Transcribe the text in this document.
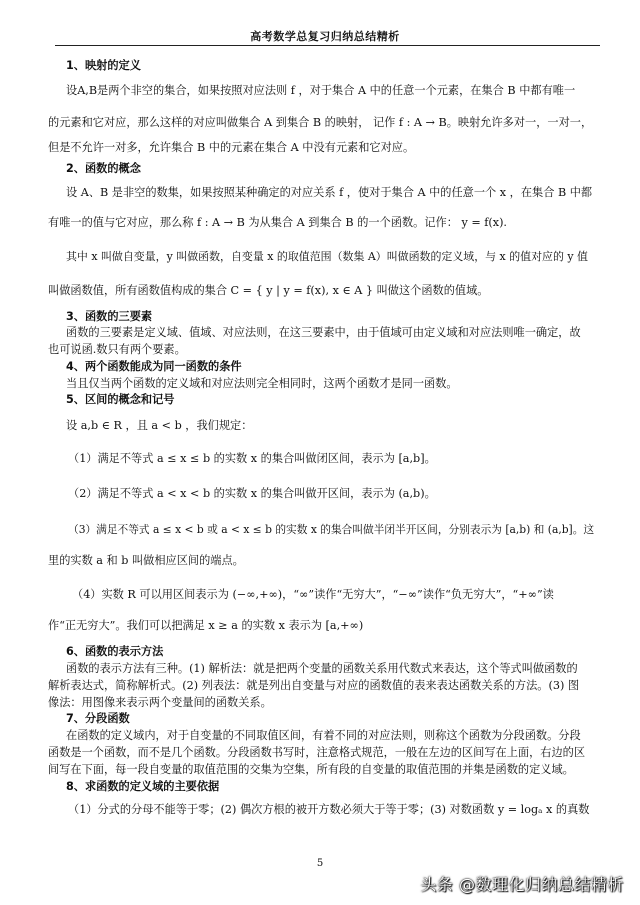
高考数学总复习归纳总结精析
1、映射的定义
设A,B是两个非空的集合，如果按照对应法则 f ，对于集合 A 中的任意一个元素，在集合 B 中都有唯一
的元素和它对应，那么这样的对应叫做集合 A 到集合 B 的映射， 记作 f : A → B。映射允许多对一，一对一，
但是不允许一对多，允许集合 B 中的元素在集合 A 中没有元素和它对应。
2、函数的概念
设 A、B 是非空的数集，如果按照某种确定的对应关系 f ，使对于集合 A 中的任意一个 x ，在集合 B 中都
有唯一的值与它对应，那么称 f : A → B 为从集合 A 到集合 B 的一个函数。记作： y = f(x).
其中 x 叫做自变量，y 叫做函数，自变量 x 的取值范围（数集 A）叫做函数的定义域，与 x 的值对应的 y 值
叫做函数值，所有函数值构成的集合 C = { y | y = f(x), x ∈ A } 叫做这个函数的值域。
3、函数的三要素
函数的三要素是定义域、值域、对应法则，在这三要素中，由于值域可由定义域和对应法则唯一确定，故
也可说函.数只有两个要素。
4、两个函数能成为同一函数的条件
当且仅当两个函数的定义域和对应法则完全相同时，这两个函数才是同一函数。
5、区间的概念和记号
设 a,b ∈ R ，且 a < b ，我们规定：
（1）满足不等式 a ≤ x ≤ b 的实数 x 的集合叫做闭区间，表示为 [a,b]。
（2）满足不等式 a < x < b 的实数 x 的集合叫做开区间，表示为 (a,b)。
（3）满足不等式 a ≤ x < b 或 a < x ≤ b 的实数 x 的集合叫做半闭半开区间，分别表示为 [a,b) 和 (a,b]。这
里的实数 a 和 b 叫做相应区间的端点。
（4）实数 R 可以用区间表示为 (−∞,+∞)，“∞”读作“无穷大”，“−∞”读作“负无穷大”，“+∞”读
作“正无穷大”。我们可以把满足 x ≥ a 的实数 x 表示为 [a,+∞)
6、函数的表示方法
函数的表示方法有三种。(1) 解析法：就是把两个变量的函数关系用代数式来表达，这个等式叫做函数的
解析表达式，简称解析式。(2) 列表法：就是列出自变量与对应的函数值的表来表达函数关系的方法。(3) 图
像法：用图像来表示两个变量间的函数关系。
7、分段函数
在函数的定义域内，对于自变量的不同取值区间，有着不同的对应法则，则称这个函数为分段函数。分段
函数是一个函数，而不是几个函数。分段函数书写时，注意格式规范，一般在左边的区间写在上面，右边的区
间写在下面，每一段自变量的取值范围的交集为空集，所有段的自变量的取值范围的并集是函数的定义域。
8、求函数的定义域的主要依据
（1）分式的分母不能等于零；(2) 偶次方根的被开方数必须大于等于零；(3) 对数函数 y = logₐ x 的真数
5
头条 @数理化归纳总结精析
